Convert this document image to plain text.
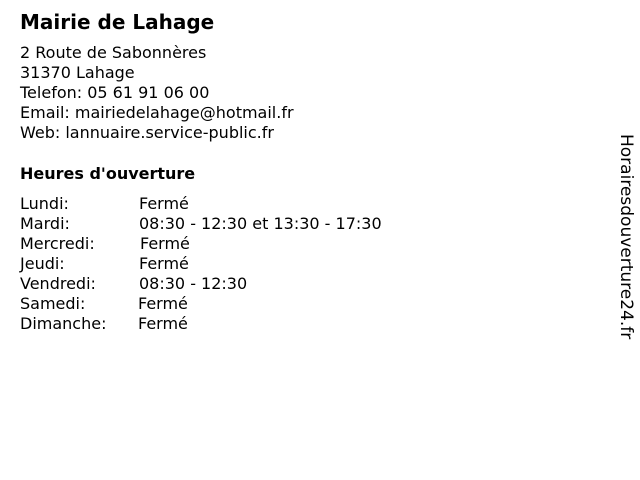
Mairie de Lahage
2 Route de Sabonnères
31370 Lahage
Telefon: 05 61 91 06 00
Email: mairiedelahage@hotmail.fr
Web: lannuaire.service-public.fr
Heures d'ouverture
Lundi:	Fermé
Mardi:	08:30 - 12:30 et 13:30 - 17:30
Mercredi:	Fermé
Jeudi:	Fermé
Vendredi:	08:30 - 12:30
Samedi:	Fermé
Dimanche: Fermé	Horairesdouverture24.fr
